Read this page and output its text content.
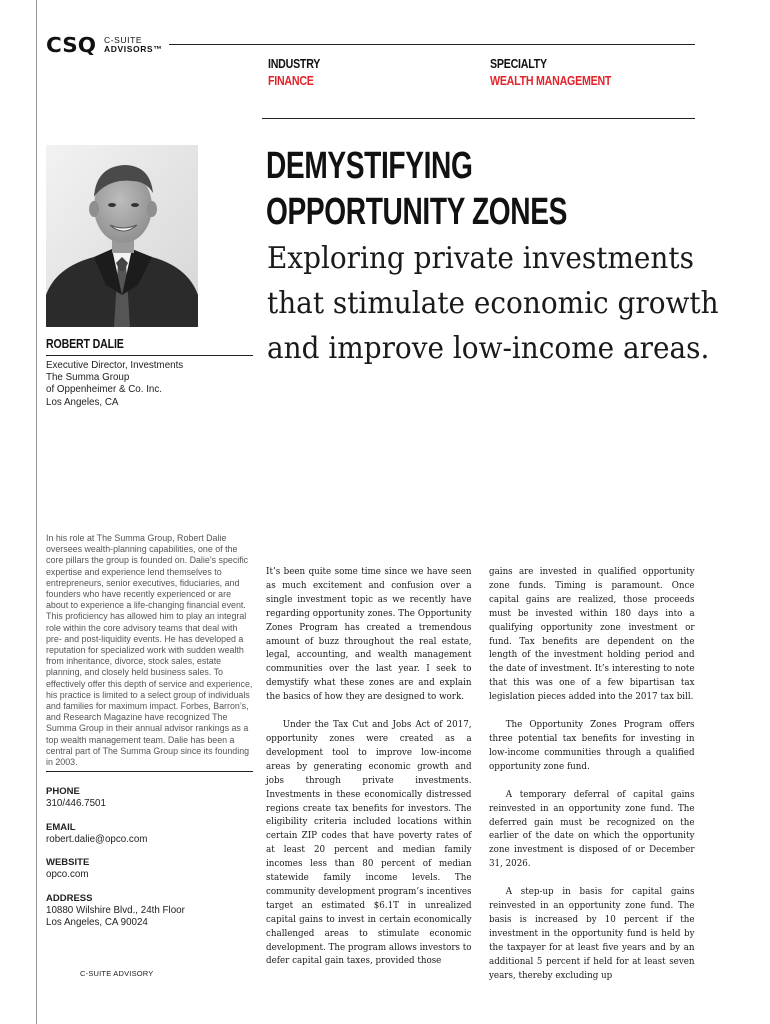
CSQ C-SUITE
ADVISORS™
INDUSTRY
FINANCE
SPECIALTY
WEALTH MANAGEMENT
ROBERT DALIE
Executive Director, Investments
The Summa Group
of Oppenheimer & Co. Inc.
Los Angeles, CA
In his role at The Summa Group, Robert Dalie oversees wealth-planning capabilities, one of the core pillars the group is founded on. Dalie’s specific expertise and experience lend themselves to entrepreneurs, senior executives, fiduciaries, and founders who have recently experienced or are about to experience a life-changing financial event. This proficiency has allowed him to play an integral role within the core advisory teams that deal with pre- and post-liquidity events. He has developed a reputation for specialized work with sudden wealth from inheritance, divorce, stock sales, estate planning, and closely held business sales. To effectively offer this depth of service and experience, his practice is limited to a select group of individuals and families for maximum impact. Forbes, Barron’s, and Research Magazine have recognized The Summa Group in their annual advisor rankings as a top wealth management team. Dalie has been a central part of The Summa Group since its founding in 2003.
PHONE
310/446.7501
EMAIL
robert.dalie@opco.com
WEBSITE
opco.com
ADDRESS
10880 Wilshire Blvd., 24th Floor
Los Angeles, CA 90024
C-SUITE ADVISORY
DEMYSTIFYING
OPPORTUNITY ZONES
Exploring private investments that stimulate economic growth and improve low-income areas.

It’s been quite some time since we have seen as much excitement and confusion over a single investment topic as we recently have regarding opportunity zones. The Opportunity Zones Program has created a tremendous amount of buzz throughout the real estate, legal, accounting, and wealth management communities over the last year. I seek to demystify what these zones are and explain the basics of how they are designed to work.

Under the Tax Cut and Jobs Act of 2017, opportunity zones were created as a development tool to improve low-income areas by generating economic growth and jobs through private investments. Investments in these economically distressed regions create tax benefits for investors. The eligibility criteria included locations within certain ZIP codes that have poverty rates of at least 20 percent and median family incomes less than 80 percent of median statewide family income levels. The community development program’s incentives target an estimated $6.1T in unrealized capital gains to invest in certain economically challenged areas to stimulate economic development. The program allows investors to defer capital gain taxes, provided those

gains are invested in qualified opportunity zone funds. Timing is paramount. Once capital gains are realized, those proceeds must be invested within 180 days into a qualifying opportunity zone investment or fund. Tax benefits are dependent on the length of the investment holding period and the date of investment. It’s interesting to note that this was one of a few bipartisan tax legislation pieces added into the 2017 tax bill.

The Opportunity Zones Program offers three potential tax benefits for investing in low-income communities through a qualified opportunity zone fund.

A temporary deferral of capital gains reinvested in an opportunity zone fund. The deferred gain must be recognized on the earlier of the date on which the opportunity zone investment is disposed of or December 31, 2026.

A step-up in basis for capital gains reinvested in an opportunity zone fund. The basis is increased by 10 percent if the investment in the opportunity fund is held by the taxpayer for at least five years and by an additional 5 percent if held for at least seven years, thereby excluding up
